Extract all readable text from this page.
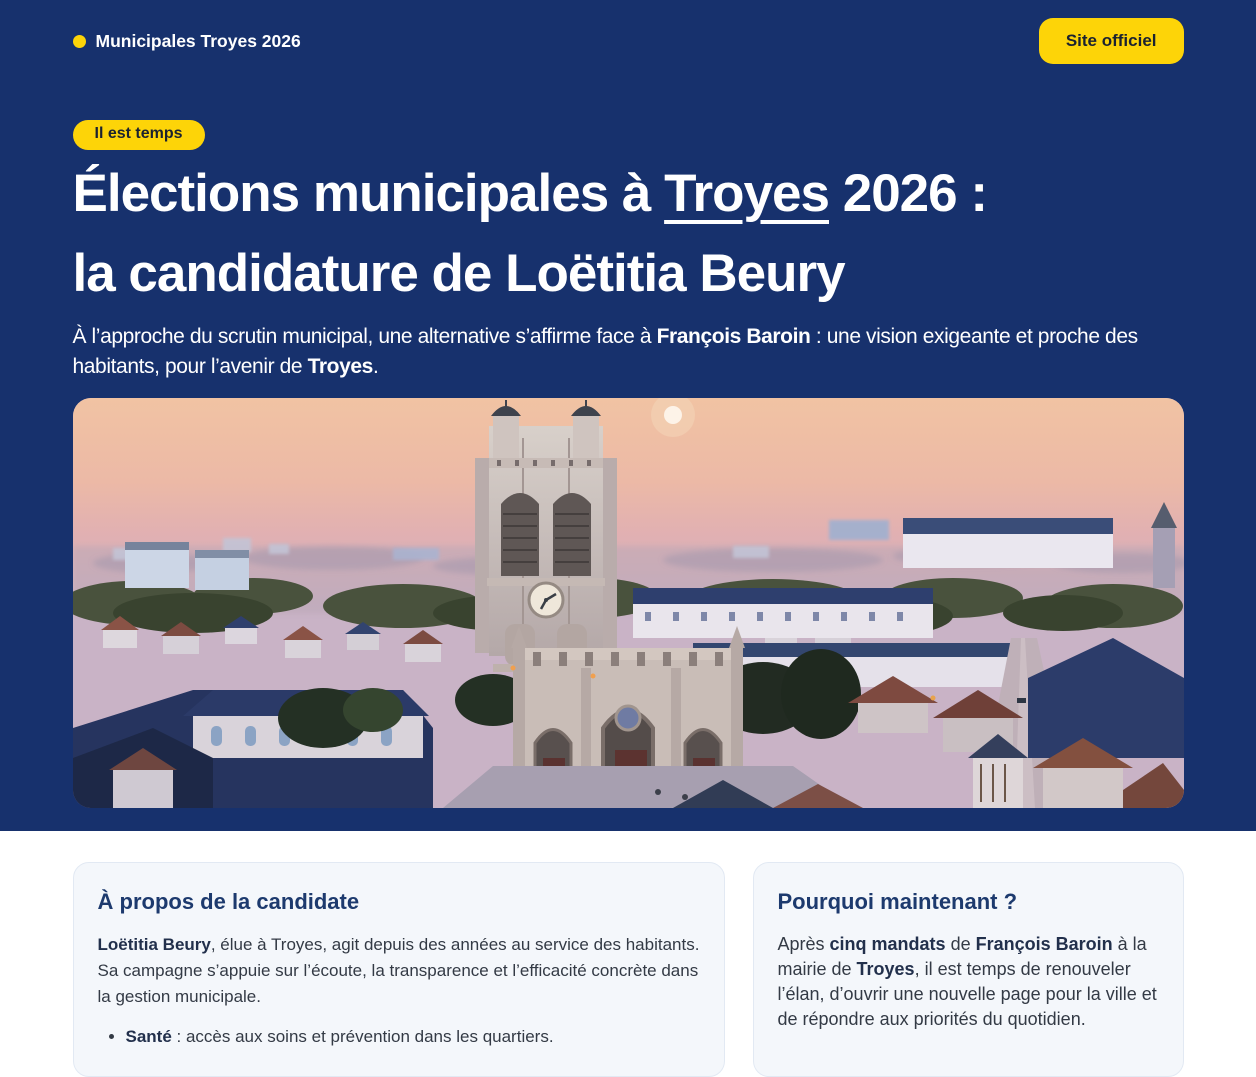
Municipales Troyes 2026	Site officiel
Il est temps
Élections municipales à Troyes 2026 :
la candidature de Loëtitia Beury

À l’approche du scrutin municipal, une alternative s’affirme face à François Baroin : une vision exigeante et proche des habitants, pour l’avenir de Troyes.

À propos de la candidate

Loëtitia Beury, élue à Troyes, agit depuis des années au service des habitants. Sa campagne s’appuie sur l’écoute, la transparence et l’efficacité concrète dans la gestion municipale.

• Santé : accès aux soins et prévention dans les quartiers.
Pourquoi maintenant ?

Après cinq mandats de François Baroin à la mairie de Troyes, il est temps de renouveler l’élan, d’ouvrir une nouvelle page pour la ville et de répondre aux priorités du quotidien.
